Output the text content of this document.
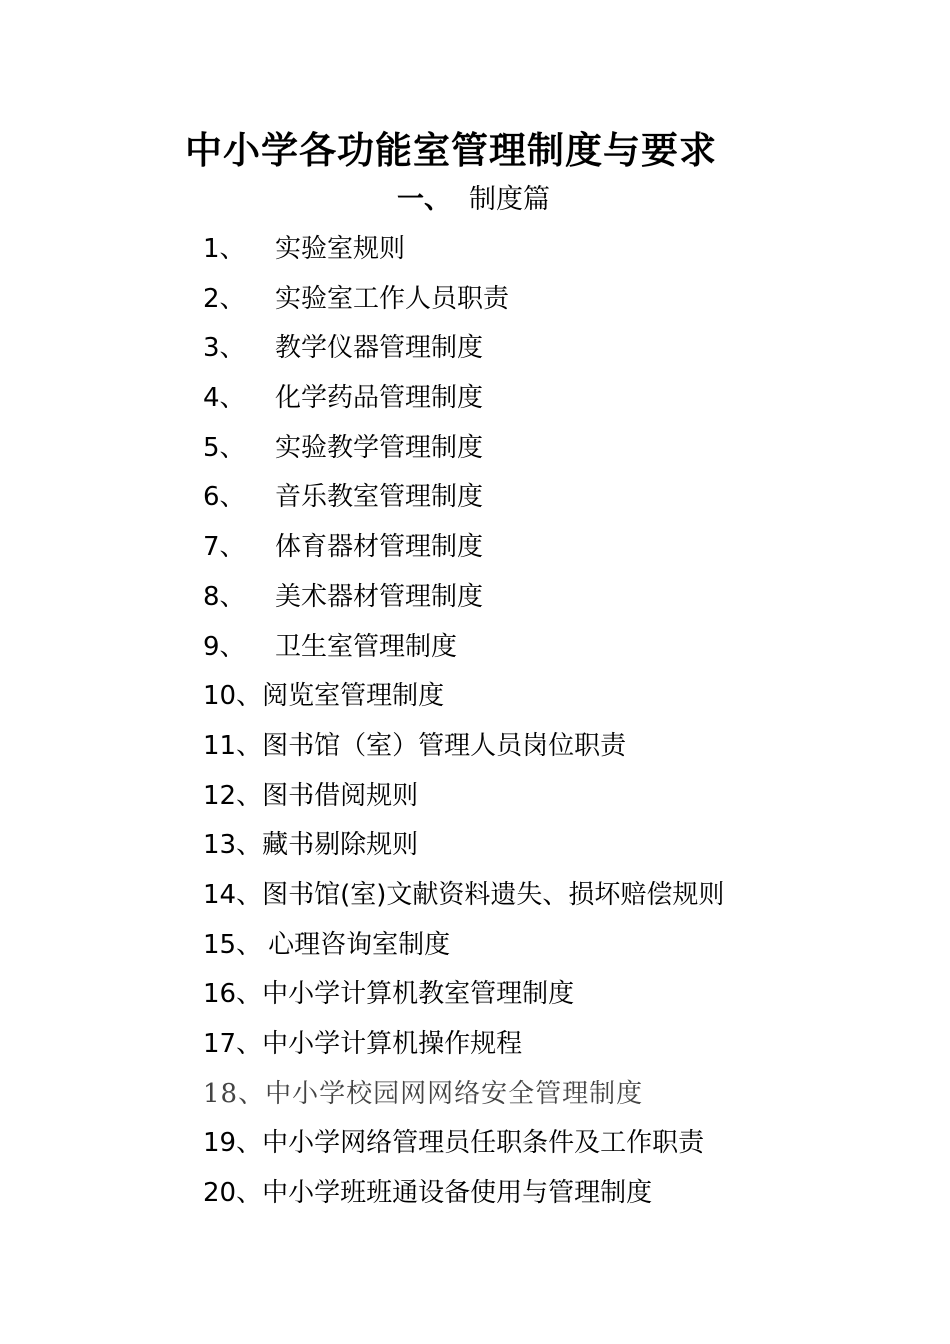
中小学各功能室管理制度与要求
一、 制度篇
1、 实验室规则
2、 实验室工作人员职责
3、 教学仪器管理制度
4、 化学药品管理制度
5、 实验教学管理制度
6、 音乐教室管理制度
7、 体育器材管理制度
8、 美术器材管理制度
9、 卫生室管理制度
10、阅览室管理制度
11、图书馆（室）管理人员岗位职责
12、图书借阅规则
13、藏书剔除规则
14、图书馆(室)文献资料遗失、损坏赔偿规则
15、 心理咨询室制度
16、中小学计算机教室管理制度
17、中小学计算机操作规程
18、中小学校园网网络安全管理制度
19、中小学网络管理员任职条件及工作职责
20、中小学班班通设备使用与管理制度
